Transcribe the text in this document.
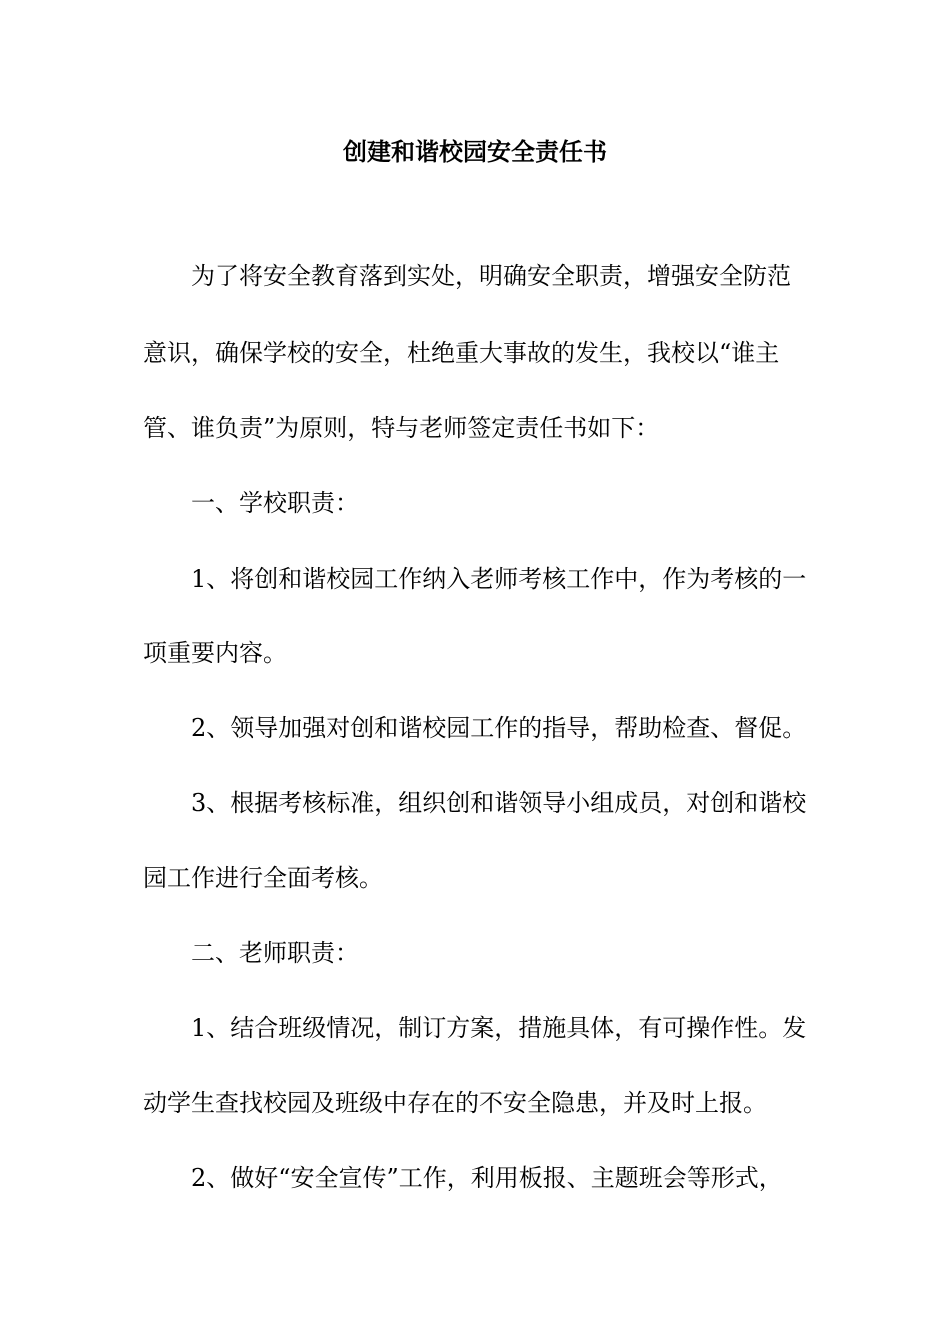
创建和谐校园安全责任书
为了将安全教育落到实处，明确安全职责，增强安全防范
意识，确保学校的安全，杜绝重大事故的发生，我校以“谁主
管、谁负责”为原则，特与老师签定责任书如下：
一、学校职责：
1、将创和谐校园工作纳入老师考核工作中，作为考核的一
项重要内容。
2、领导加强对创和谐校园工作的指导，帮助检查、督促。
3、根据考核标准，组织创和谐领导小组成员，对创和谐校
园工作进行全面考核。
二、老师职责：
1、结合班级情况，制订方案，措施具体，有可操作性。发
动学生查找校园及班级中存在的不安全隐患，并及时上报。
2、做好“安全宣传”工作，利用板报、主题班会等形式，
